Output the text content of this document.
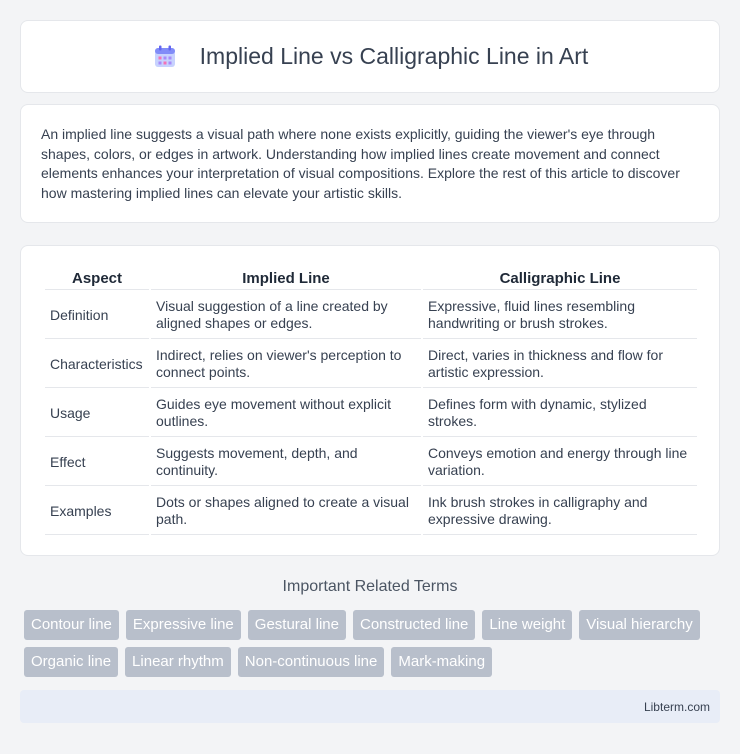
Implied Line vs Calligraphic Line in Art

An implied line suggests a visual path where none exists explicitly, guiding the viewer's eye through shapes, colors, or edges in artwork. Understanding how implied lines create movement and connect elements enhances your interpretation of visual compositions. Explore the rest of this article to discover how mastering implied lines can elevate your artistic skills.

Aspect	Implied Line	Calligraphic Line
Definition	Visual suggestion of a line created by aligned shapes or edges.	Expressive, fluid lines resembling handwriting or brush strokes.
Characteristics	Indirect, relies on viewer's perception to connect points.	Direct, varies in thickness and flow for artistic expression.
Usage	Guides eye movement without explicit outlines.	Defines form with dynamic, stylized strokes.
Effect	Suggests movement, depth, and continuity.	Conveys emotion and energy through line variation.
Examples	Dots or shapes aligned to create a visual path.	Ink brush strokes in calligraphy and expressive drawing.
Important Related Terms
Contour line	Expressive line	Gestural line	Constructed line	Line weight	Visual hierarchy
Organic line	Linear rhythm	Non-continuous line	Mark-making
Libterm.com
